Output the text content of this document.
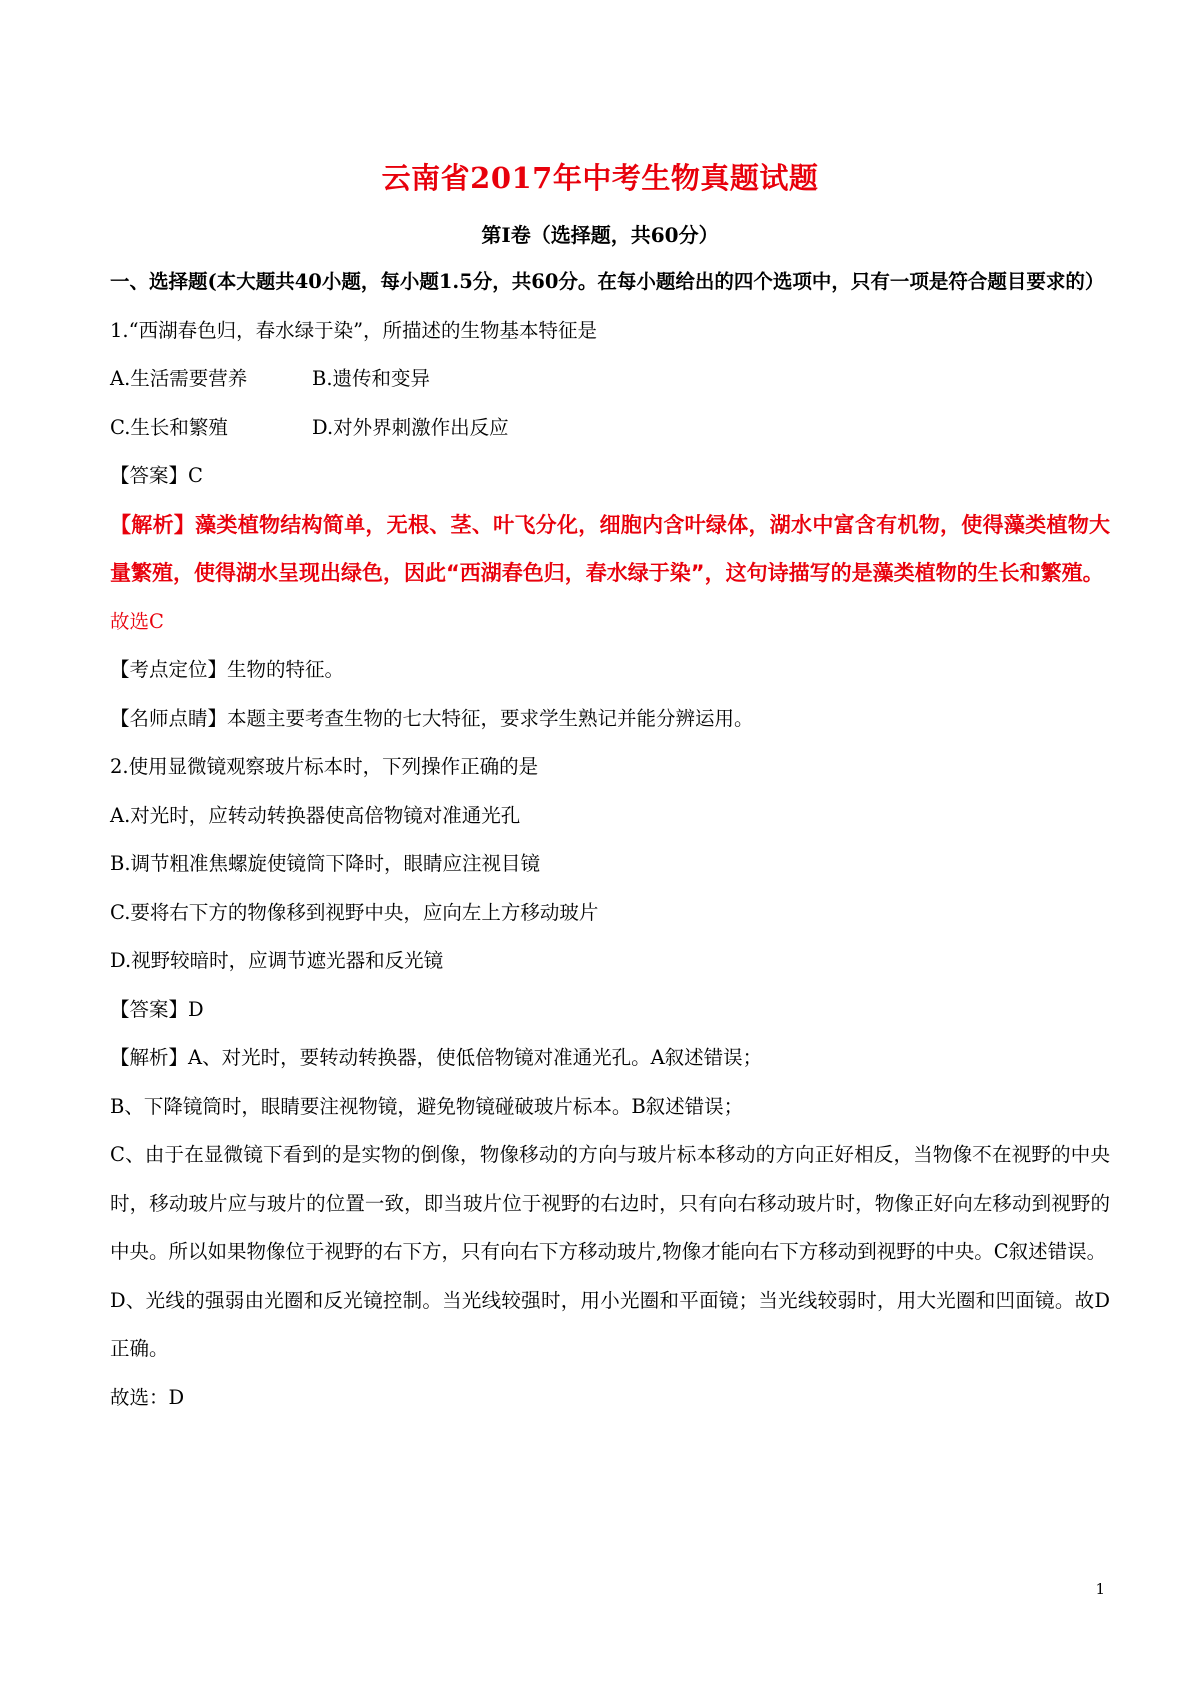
云南省2017年中考生物真题试题
第Ⅰ卷（选择题，共60分）

一、选择题(本大题共40小题，每小题1.5分，共60分。在每小题给出的四个选项中，只有一项是符合题目要求的）

1.“西湖春色归，春水绿于染”，所描述的生物基本特征是

A.生活需要营养	B.遗传和变异
C.生长和繁殖	D.对外界刺激作出反应

【答案】C

【解析】藻类植物结构简单，无根、茎、叶飞分化，细胞内含叶绿体，湖水中富含有机物，使得藻类植物大量繁殖，使得湖水呈现出绿色，因此“西湖春色归，春水绿于染”，这句诗描写的是藻类植物的生长和繁殖。

故选C

【考点定位】生物的特征。

【名师点睛】本题主要考查生物的七大特征，要求学生熟记并能分辨运用。

2.使用显微镜观察玻片标本时，下列操作正确的是

A.对光时，应转动转换器使高倍物镜对准通光孔

B.调节粗准焦螺旋使镜筒下降时，眼睛应注视目镜

C.要将右下方的物像移到视野中央，应向左上方移动玻片

D.视野较暗时，应调节遮光器和反光镜

【答案】D

【解析】A、对光时，要转动转换器，使低倍物镜对准通光孔。A叙述错误；

B、下降镜筒时，眼睛要注视物镜，避免物镜碰破玻片标本。B叙述错误；

C、由于在显微镜下看到的是实物的倒像，物像移动的方向与玻片标本移动的方向正好相反，当物像不在视野的中央时，移动玻片应与玻片的位置一致，即当玻片位于视野的右边时，只有向右移动玻片时，物像正好向左移动到视野的中央。所以如果物像位于视野的右下方，只有向右下方移动玻片,物像才能向右下方移动到视野的中央。C叙述错误。

D、光线的强弱由光圈和反光镜控制。当光线较强时，用小光圈和平面镜；当光线较弱时，用大光圈和凹面镜。故D正确。

故选：D

1
